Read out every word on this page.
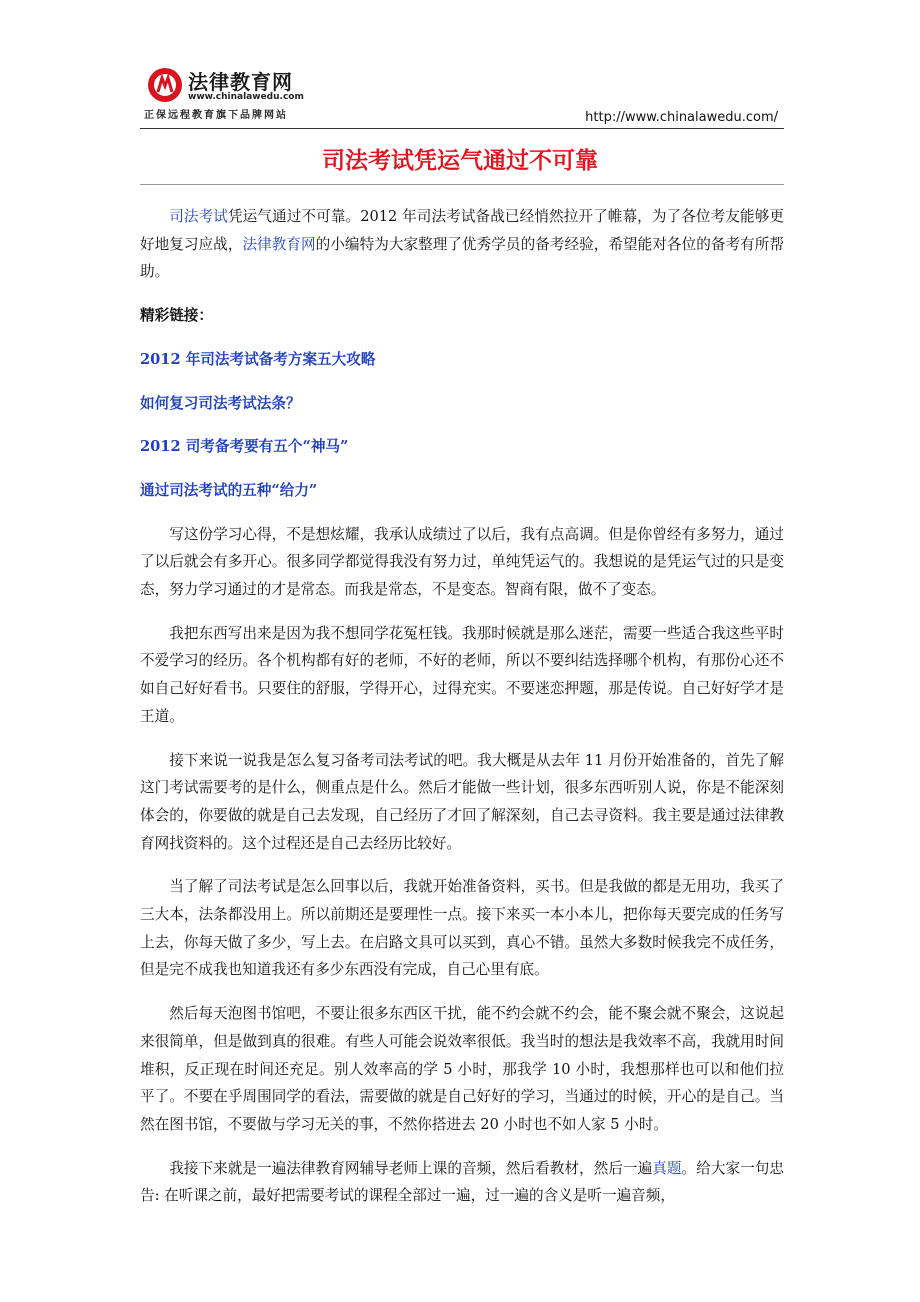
法律教育网
www.chinalawedu.com
正保远程教育旗下品牌网站	http://www.chinalawedu.com/
司法考试凭运气通过不可靠

司法考试凭运气通过不可靠。2012 年司法考试备战已经悄然拉开了帷幕，为了各位考友能够更好地复习应战，法律教育网的小编特为大家整理了优秀学员的备考经验，希望能对各位的备考有所帮助。

精彩链接：

2012 年司法考试备考方案五大攻略

如何复习司法考试法条？

2012 司考备考要有五个“神马”

通过司法考试的五种“给力”

写这份学习心得，不是想炫耀，我承认成绩过了以后，我有点高调。但是你曾经有多努力，通过了以后就会有多开心。很多同学都觉得我没有努力过，单纯凭运气的。我想说的是凭运气过的只是变态，努力学习通过的才是常态。而我是常态，不是变态。智商有限，做不了变态。

我把东西写出来是因为我不想同学花冤枉钱。我那时候就是那么迷茫，需要一些适合我这些平时不爱学习的经历。各个机构都有好的老师，不好的老师，所以不要纠结选择哪个机构，有那份心还不如自己好好看书。只要住的舒服，学得开心，过得充实。不要迷恋押题，那是传说。自己好好学才是王道。

接下来说一说我是怎么复习备考司法考试的吧。我大概是从去年 11 月份开始准备的，首先了解这门考试需要考的是什么，侧重点是什么。然后才能做一些计划，很多东西听别人说，你是不能深刻体会的，你要做的就是自己去发现，自己经历了才回了解深刻，自己去寻资料。我主要是通过法律教育网找资料的。这个过程还是自己去经历比较好。

当了解了司法考试是怎么回事以后，我就开始准备资料，买书。但是我做的都是无用功，我买了三大本，法条都没用上。所以前期还是要理性一点。接下来买一本小本儿，把你每天要完成的任务写上去，你每天做了多少，写上去。在启路文具可以买到，真心不错。虽然大多数时候我完不成任务，但是完不成我也知道我还有多少东西没有完成，自己心里有底。

然后每天泡图书馆吧，不要让很多东西区干扰，能不约会就不约会，能不聚会就不聚会，这说起来很简单，但是做到真的很难。有些人可能会说效率很低。我当时的想法是我效率不高，我就用时间堆积，反正现在时间还充足。别人效率高的学 5 小时，那我学 10 小时，我想那样也可以和他们拉平了。不要在乎周围同学的看法，需要做的就是自己好好的学习，当通过的时候，开心的是自己。当然在图书馆，不要做与学习无关的事，不然你搭进去 20 小时也不如人家 5 小时。

我接下来就是一遍法律教育网辅导老师上课的音频，然后看教材，然后一遍真题。给大家一句忠告: 在听课之前，最好把需要考试的课程全部过一遍，过一遍的含义是听一遍音频，
